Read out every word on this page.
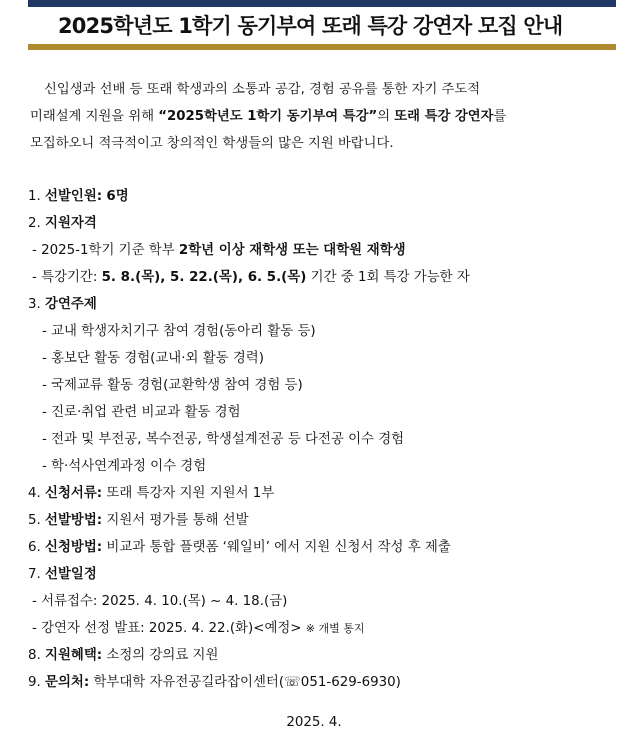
2025학년도 1학기 동기부여 또래 특강 강연자 모집 안내
신입생과 선배 등 또래 학생과의 소통과 공감, 경험 공유를 통한 자기 주도적
미래설계 지원을 위해 “2025학년도 1학기 동기부여 특강”의 또래 특강 강연자를
모집하오니 적극적이고 창의적인 학생들의 많은 지원 바랍니다.
1. 선발인원: 6명
2. 지원자격
- 2025-1학기 기준 학부 2학년 이상 재학생 또는 대학원 재학생
- 특강기간: 5. 8.(목), 5. 22.(목), 6. 5.(목) 기간 중 1회 특강 가능한 자
3. 강연주제
- 교내 학생자치기구 참여 경험(동아리 활동 등)
- 홍보단 활동 경험(교내·외 활동 경력)
- 국제교류 활동 경험(교환학생 참여 경험 등)
- 진로·취업 관련 비교과 활동 경험
- 전과 및 부전공, 복수전공, 학생설계전공 등 다전공 이수 경험
- 학·석사연계과정 이수 경험
4. 신청서류: 또래 특강자 지원 지원서 1부
5. 선발방법: 지원서 평가를 통해 선발
6. 신청방법: 비교과 통합 플랫폼 ‘웨일비’ 에서 지원 신청서 작성 후 제출
7. 선발일정
- 서류접수: 2025. 4. 10.(목) ~ 4. 18.(금)
- 강연자 선정 발표: 2025. 4. 22.(화)<예정> ※ 개별 통지
8. 지원혜택: 소정의 강의료 지원
9. 문의처: 학부대학 자유전공길라잡이센터(☏051-629-6930)
2025. 4.
